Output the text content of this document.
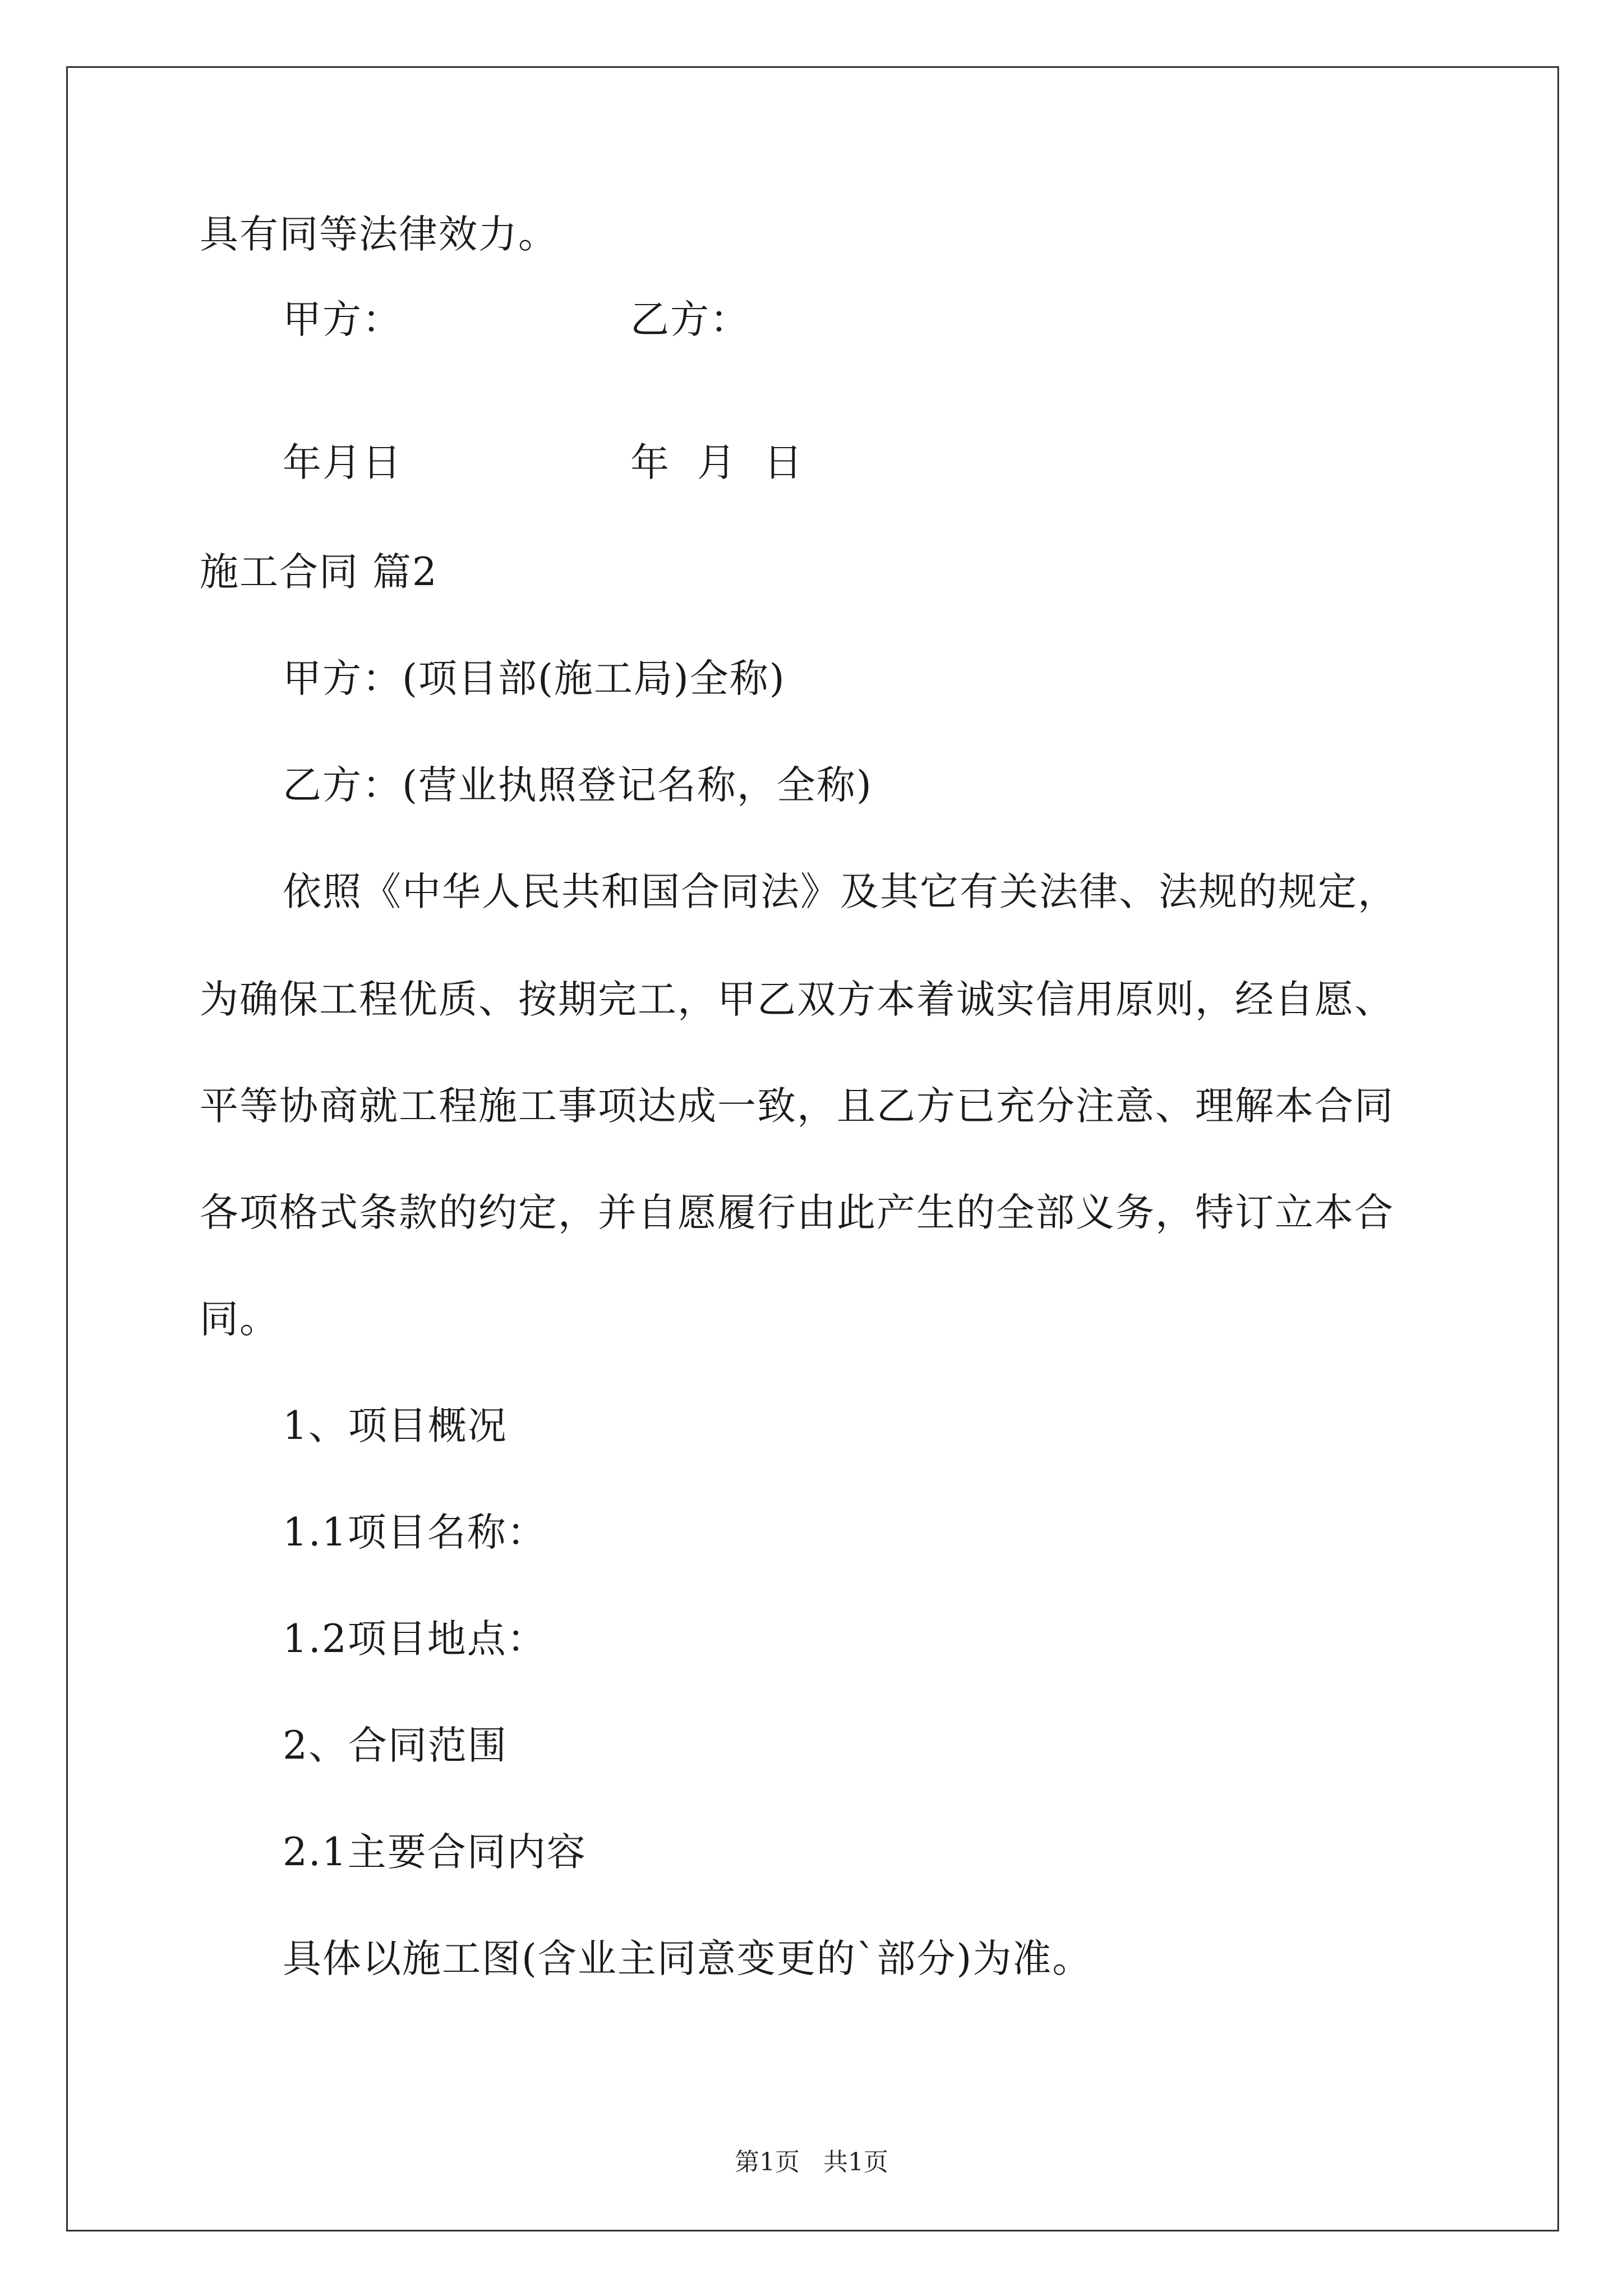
具有同等法律效力。
甲方：	乙方：
年月日	年  月  日
施工合同 篇2
甲方：(项目部(施工局)全称)
乙方：(营业执照登记名称，全称)
依照《中华人民共和国合同法》及其它有关法律、法规的规定，
为确保工程优质、按期完工，甲乙双方本着诚实信用原则，经自愿、
平等协商就工程施工事项达成一致，且乙方已充分注意、理解本合同
各项格式条款的约定，并自愿履行由此产生的全部义务，特订立本合
同。
1、项目概况
1.1项目名称：
1.2项目地点：
2、合同范围
2.1主要合同内容
具体以施工图(含业主同意变更的`部分)为准。
第1页   共1页
